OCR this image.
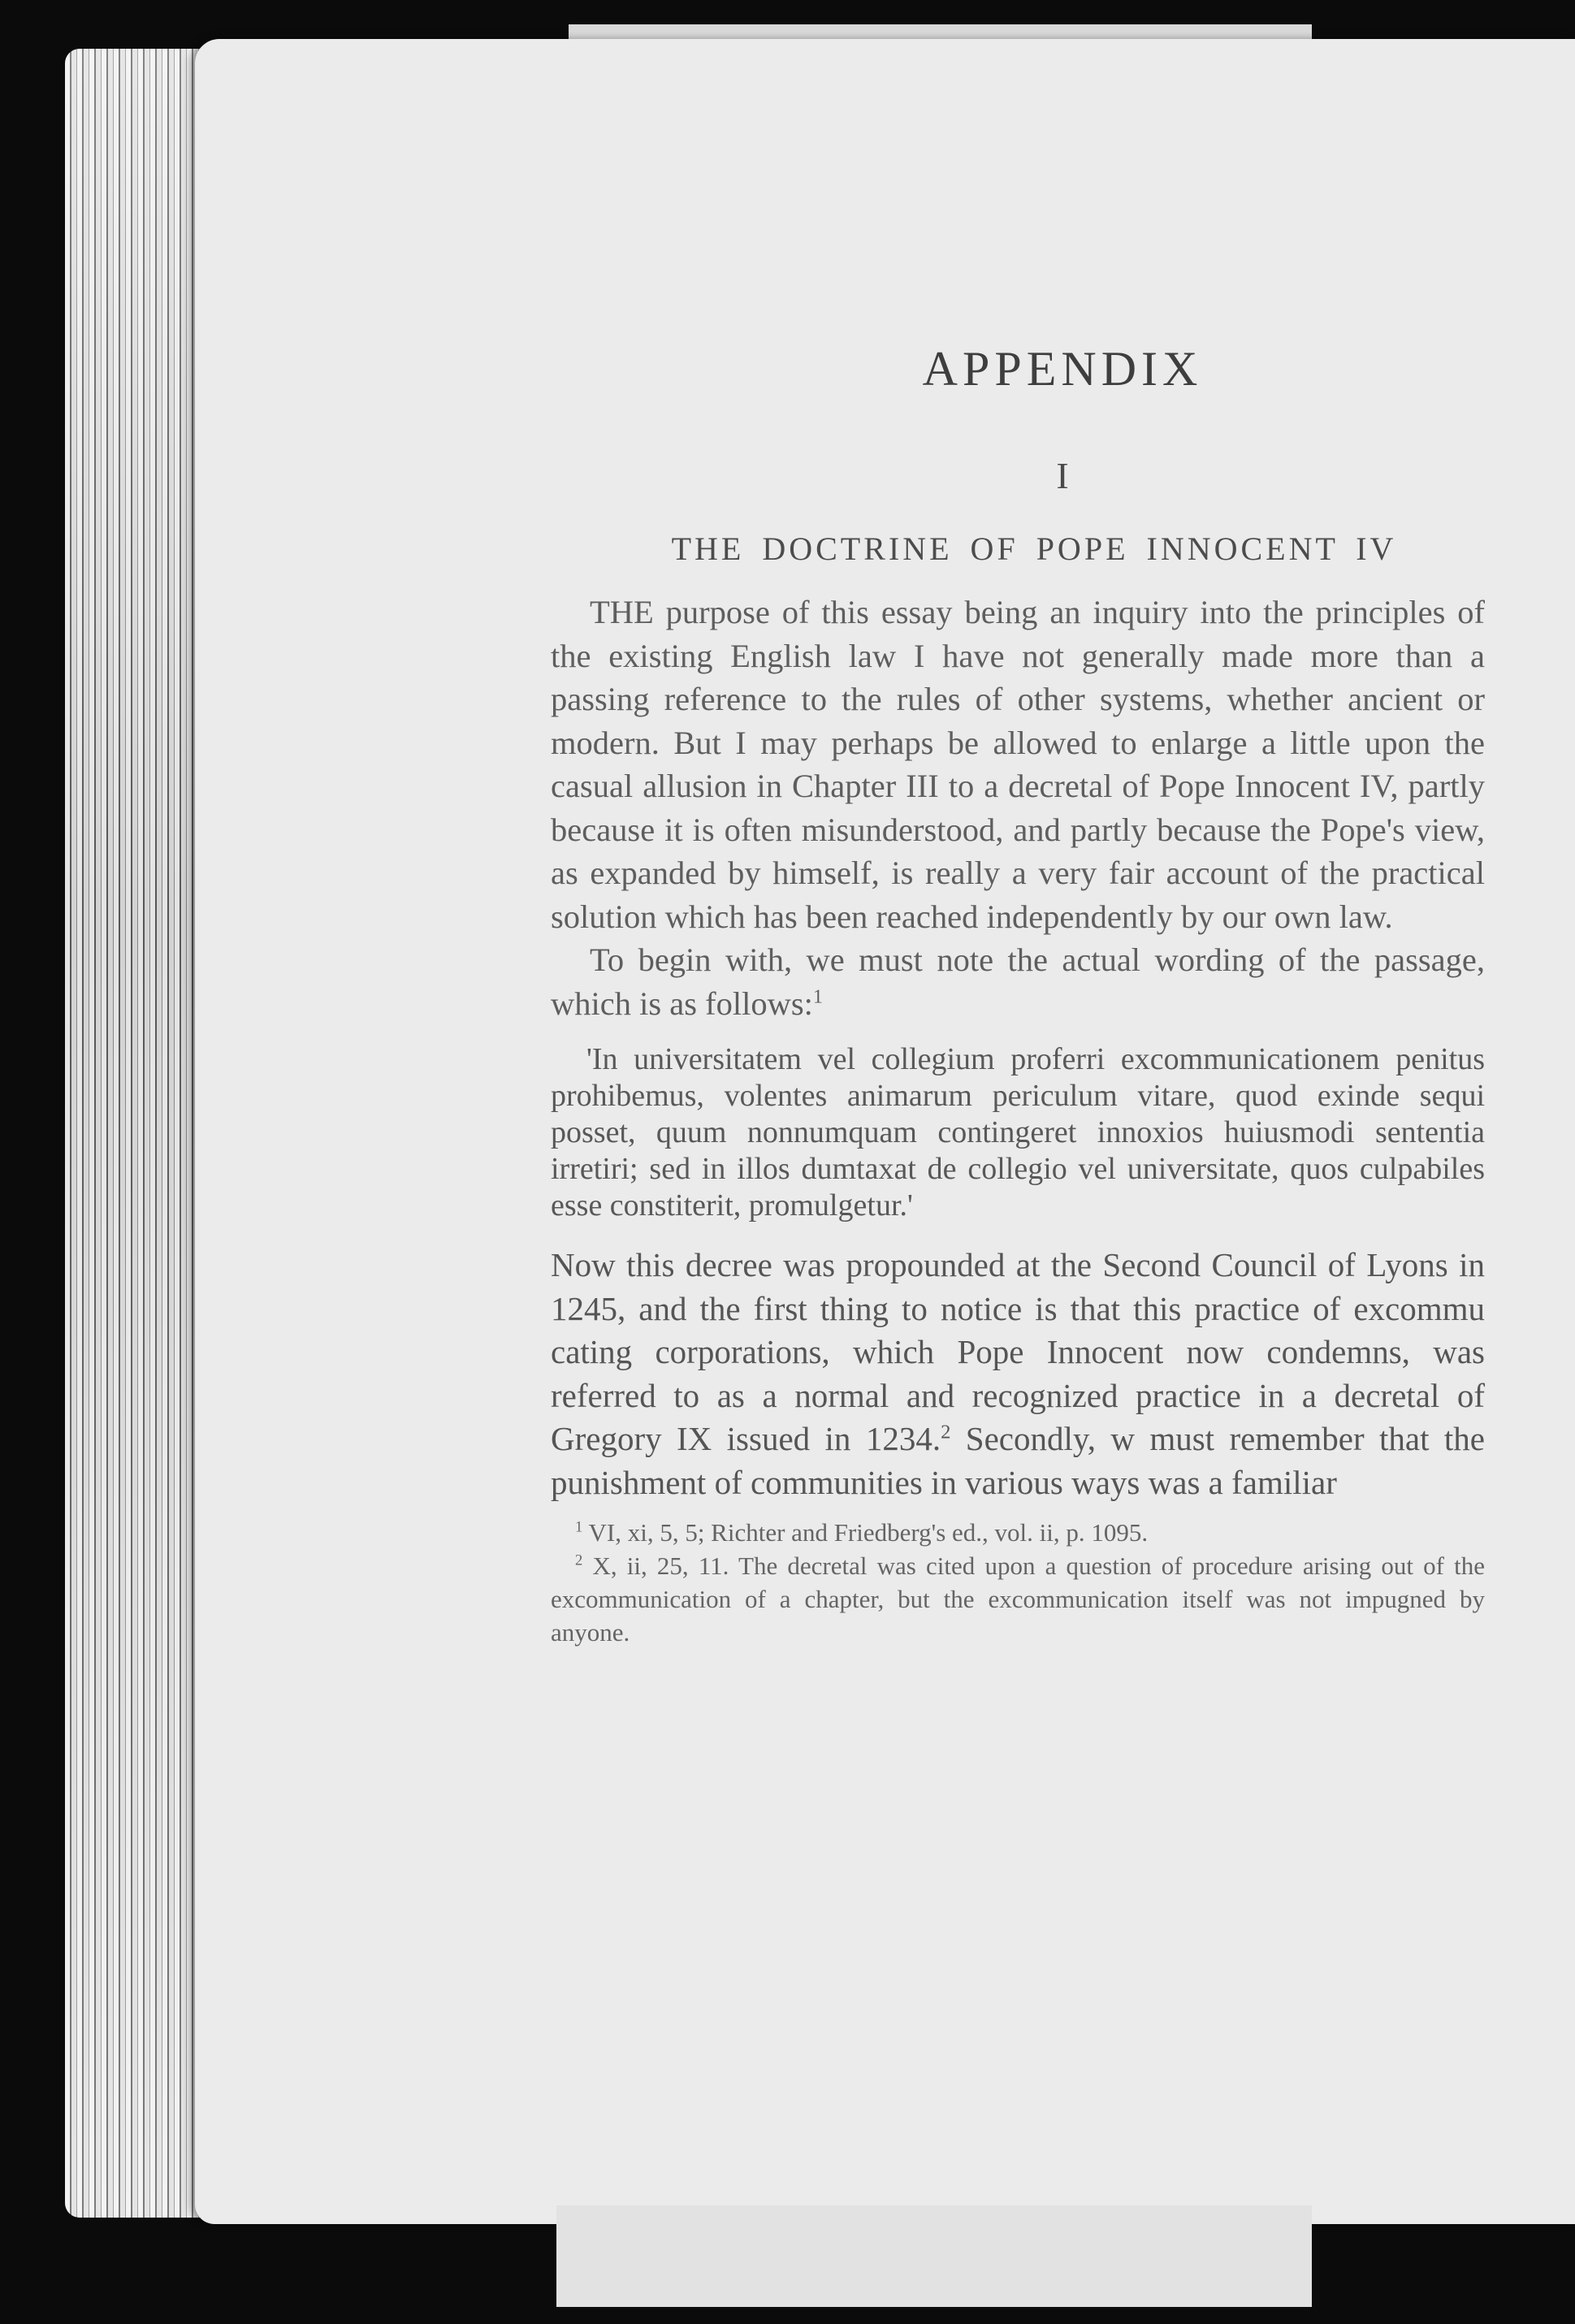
APPENDIX
I
THE DOCTRINE OF POPE INNOCENT IV

THE purpose of this essay being an inquiry into the principles of the existing English law I have not generally made more than a passing reference to the rules of other systems, whether ancient or modern. But I may perhaps be allowed to enlarge a little upon the casual allusion in Chapter III to a decretal of Pope Innocent IV, partly because it is often misunderstood, and partly because the Pope's view, as expanded by himself, is really a very fair account of the practical solution which has been reached independently by our own law.

To begin with, we must note the actual wording of the passage, which is as follows:$^1$

'In universitatem vel collegium proferri excommunicationem penitus prohibemus, volentes animarum periculum vitare, quod exinde sequi posset, quum nonnumquam contingeret innoxios huiusmodi sententia irretiri; sed in illos dumtaxat de collegio vel universitate, quos culpabiles esse constiterit, promulgetur.'

Now this decree was propounded at the Second Council of Lyons in 1245, and the first thing to notice is that this practice of excommu cating corporations, which Pope Innocent now condemns, was referred to as a normal and recognized practice in a decretal of Gregory IX issued in 1234.$^2$ Secondly, w must remember that the punishment of communities in various ways was a familiar

$^1$ VI, xi, 5, 5; Richter and Friedberg's ed., vol. ii, p. 1095.

$^2$ X, ii, 25, 11. The decretal was cited upon a question of procedure arising out of the excommunication of a chapter, but the excommunication itself was not impugned by anyone.
